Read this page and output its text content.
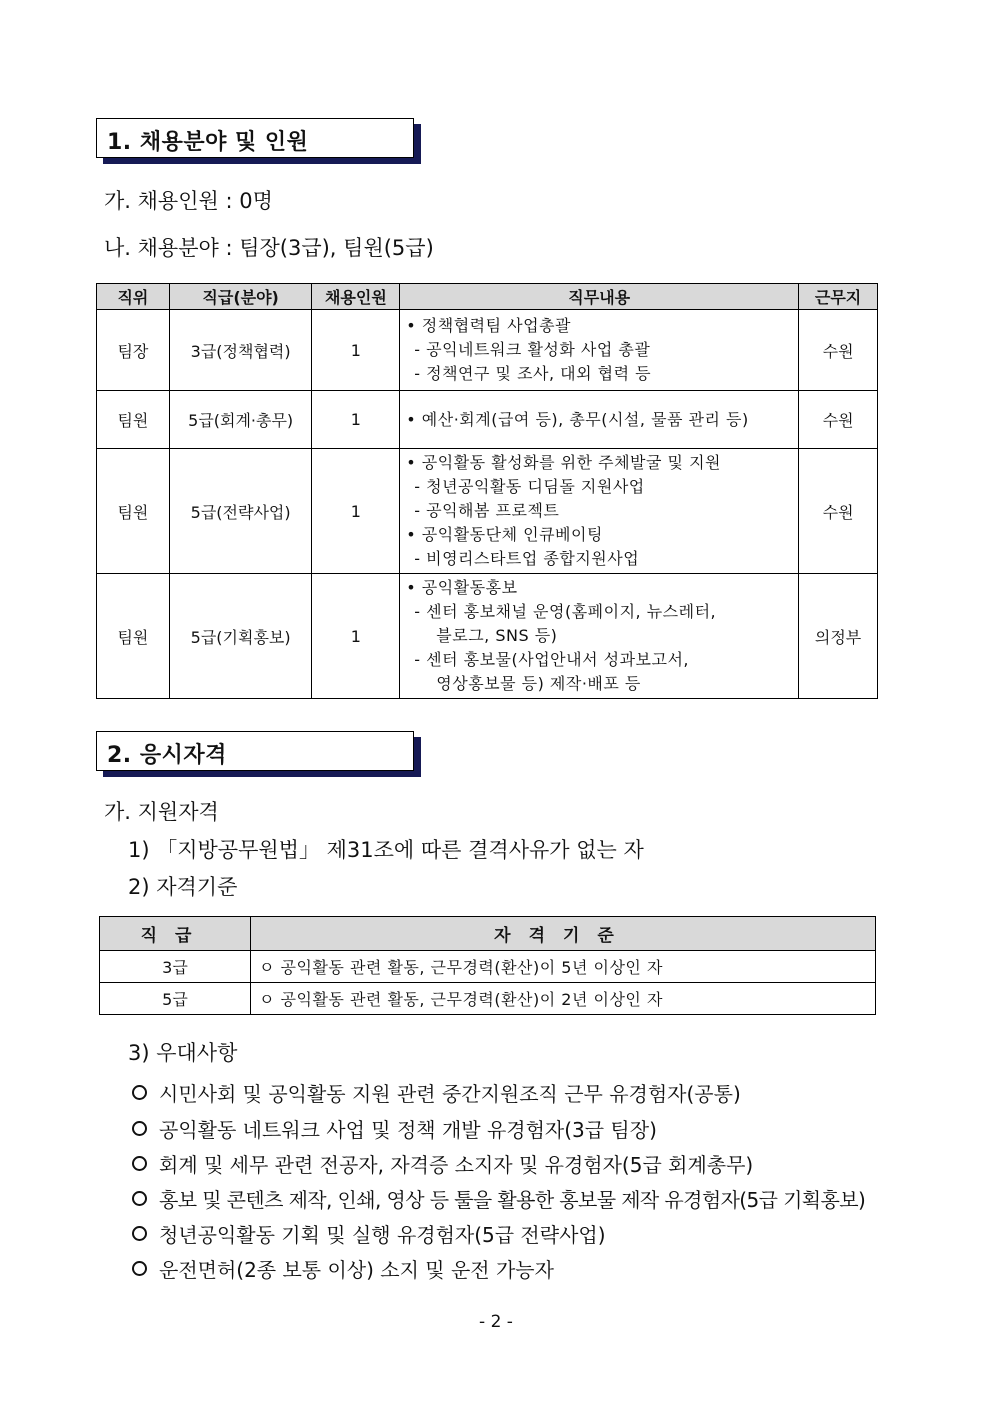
1. 채용분야 및 인원
가. 채용인원 : 0명
나. 채용분야 : 팀장(3급), 팀원(5급)
직위	직급(분야)	채용인원	직무내용	근무지
팀장	3급(정책협력)	1	• 정책협력팀 사업총괄
- 공익네트워크 활성화 사업 총괄
- 정책연구 및 조사, 대외 협력 등	수원
팀원	5급(회계·총무)	1	• 예산·회계(급여 등), 총무(시설, 물품 관리 등)	수원
팀원	5급(전략사업)	1	• 공익활동 활성화를 위한 주체발굴 및 지원
- 청년공익활동 디딤돌 지원사업
- 공익해봄 프로젝트
• 공익활동단체 인큐베이팅
- 비영리스타트업 종합지원사업	수원
팀원	5급(기획홍보)	1	• 공익활동홍보
- 센터 홍보채널 운영(홈페이지, 뉴스레터,
블로그, SNS 등)
- 센터 홍보물(사업안내서 성과보고서,
영상홍보물 등) 제작·배포 등	의정부
2. 응시자격
가. 지원자격
1) 「지방공무원법」 제31조에 따른 결격사유가 없는 자
2) 자격기준
직급	자격기준
3급	ㅇ 공익활동 관련 활동, 근무경력(환산)이 5년 이상인 자
5급	ㅇ 공익활동 관련 활동, 근무경력(환산)이 2년 이상인 자
3) 우대사항
시민사회 및 공익활동 지원 관련 중간지원조직 근무 유경험자(공통)
공익활동 네트워크 사업 및 정책 개발 유경험자(3급 팀장)
회계 및 세무 관련 전공자, 자격증 소지자 및 유경험자(5급 회계총무)
홍보 및 콘텐츠 제작, 인쇄, 영상 등 툴을 활용한 홍보물 제작 유경험자(5급 기획홍보)
청년공익활동 기획 및 실행 유경험자(5급 전략사업)
운전면허(2종 보통 이상) 소지 및 운전 가능자
- 2 -
